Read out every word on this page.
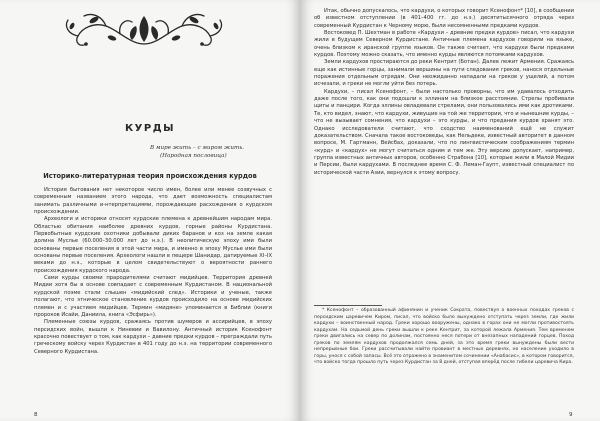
КУРДЫ
В мире жить – с миром жить.
(Народная пословица)
Историко-литературная теория происхождения курдов

История бытования нет некоторое число имен, более или менее созвучных с современным названием этого народа, что дает возможность специалистам занимать различными и-нтерпретациями, порождающие расхождения о курдском происхождении.

Археологи и историки относят курдские племена к древнейшим народам мира. Областью обитания наиболее древних курдов, горные районы Курдистана. Первобытные курдские охотники добывали диких баранов и коз на земле какая долина Муслье (60.000–30.000 лет до н.э.). В неолитическую эпоху ими были основаны первые поселения в этой части мира, и именно в эпоху Муслье ими были основаны первые поселения. Археологи нашли в пещере Шанидар, датируемые XI–IX веками до н.э., которые в целом свидетельствуют о вероятности раннего происхождения курдского народа.

Сами курды своими прародителями считают мидийцев. Территория древней Мидии хотя бы в основе совпадает с современным Курдистаном. В национальной курдской поэме стали слышен «мидийский след». Историки и ученые, также полагают, что этническое становление курдов происходило на основе мидийских племен и с участием мидийцев. Термин «мидяне» упоминается в Библии (книги пророков Исайи, Даниила, книга «Эсфирь»).

Племенные союзы курдов, сражаясь против шумеров и ассирийцев, в эпоху персидских войн, вышли к Ниневии и Вавилону. Античный историк Ксенофонт красочно повествует о том, как кардухи – давние предки курдов – преграждали путь греческому войску через Курдистан в 401 году до н.э. на территории современного Северного Курдистана.

8

Итак, обычно допускалось, что кардухи, о которых говорит Ксенофонт* [10], в сообщении об известном отступлении (в 401–400 гг. до н.э.) десятитысячного отряда через современный Курдистан к Черному морю, были несомненными предками курдов.

Востоковед П. Шехтман в работе «Кардухи – древние предки курдов» писал, что кардухи жили в будущем Северном Курдистане. Античные племена кардухов говорили на языке, очень близком к иранской группе языков. Он также считает, что кардухи были предками курдов. Поэтому можно сказать, что именно курды являются потомками кардухов.

Земли кардухов простираются до реки Кентрит (Ботан). Далее лежит Армения. Сражаясь еще как истинные горцы, занимали вершины на пути следования греков, нанося отдельные поражения отдельным отрядам. Они неожиданно нападали на греков у ущелий, а потом исчезали, и греки не могли уйти без потерь.

Кардухи, – писал Ксенофонт, – были настолько проворны, что им удавалось отходить даже после того, как они подошли к эллинам на близкое расстояние. Стрелы пробивали щиты и панцири. Когда эллины овладевали стрелами, они пользовались ими как дротиками. Те, кто видел, знают, что кардухи, живущие на той же территории, что и нынешние курды, – что не вызывает сомнения, что кардухи – это курды, и что предания курдов хранят это. Однако исследователи считают, что сходство наименований ещё не служит доказательством. Сначала такое востоковеды, как Нельдеке, известный авторитет в данном вопросе, М. Гартманн, Вейсбах, доказали, что по лингвистическим соображениям термин «курд» и «кардух» не могут считаться одним и тем же. Эту версию допускает, например, группа известных античных авторов, особенно Страбона [10], которые жили в Малой Мидии и Персии, были кардухами. В последнее время С. Ф. Леман-Гаупт, известный специалист по исторической части Азии, вернулся к этому вопросу.

* Ксенофонт – образованный афинянин и ученик Сократа, повествуя о военных походах греков с персидским царевичем Киром, писал, что войско было вынуждено отступать через земли, где жили кардухи – воинственный народ. Греки хорошо вооружены, однако в горах они не могли противостоять кардухам. На седьмой день греки вышли к реке Кентрит, за которой лежала Армения. Тем временем греки двигались на север по долинам, постоянно неся потери от внезапных нападений горцев. Поход греков по землям кардухов продолжался семь дней, за это время греки вынуждены были вести непрерывные бои. Греки рассчитывали найти провиант в местных деревнях, но население уходило в горы, унося с собой запасы. Всё это отражено в знаменитом сочинении «Анабасис», в котором говорится, что войско тогда прошло путь через Курдистан за 8 дней, отступая вперёд после гибели царевича Кира.

9
